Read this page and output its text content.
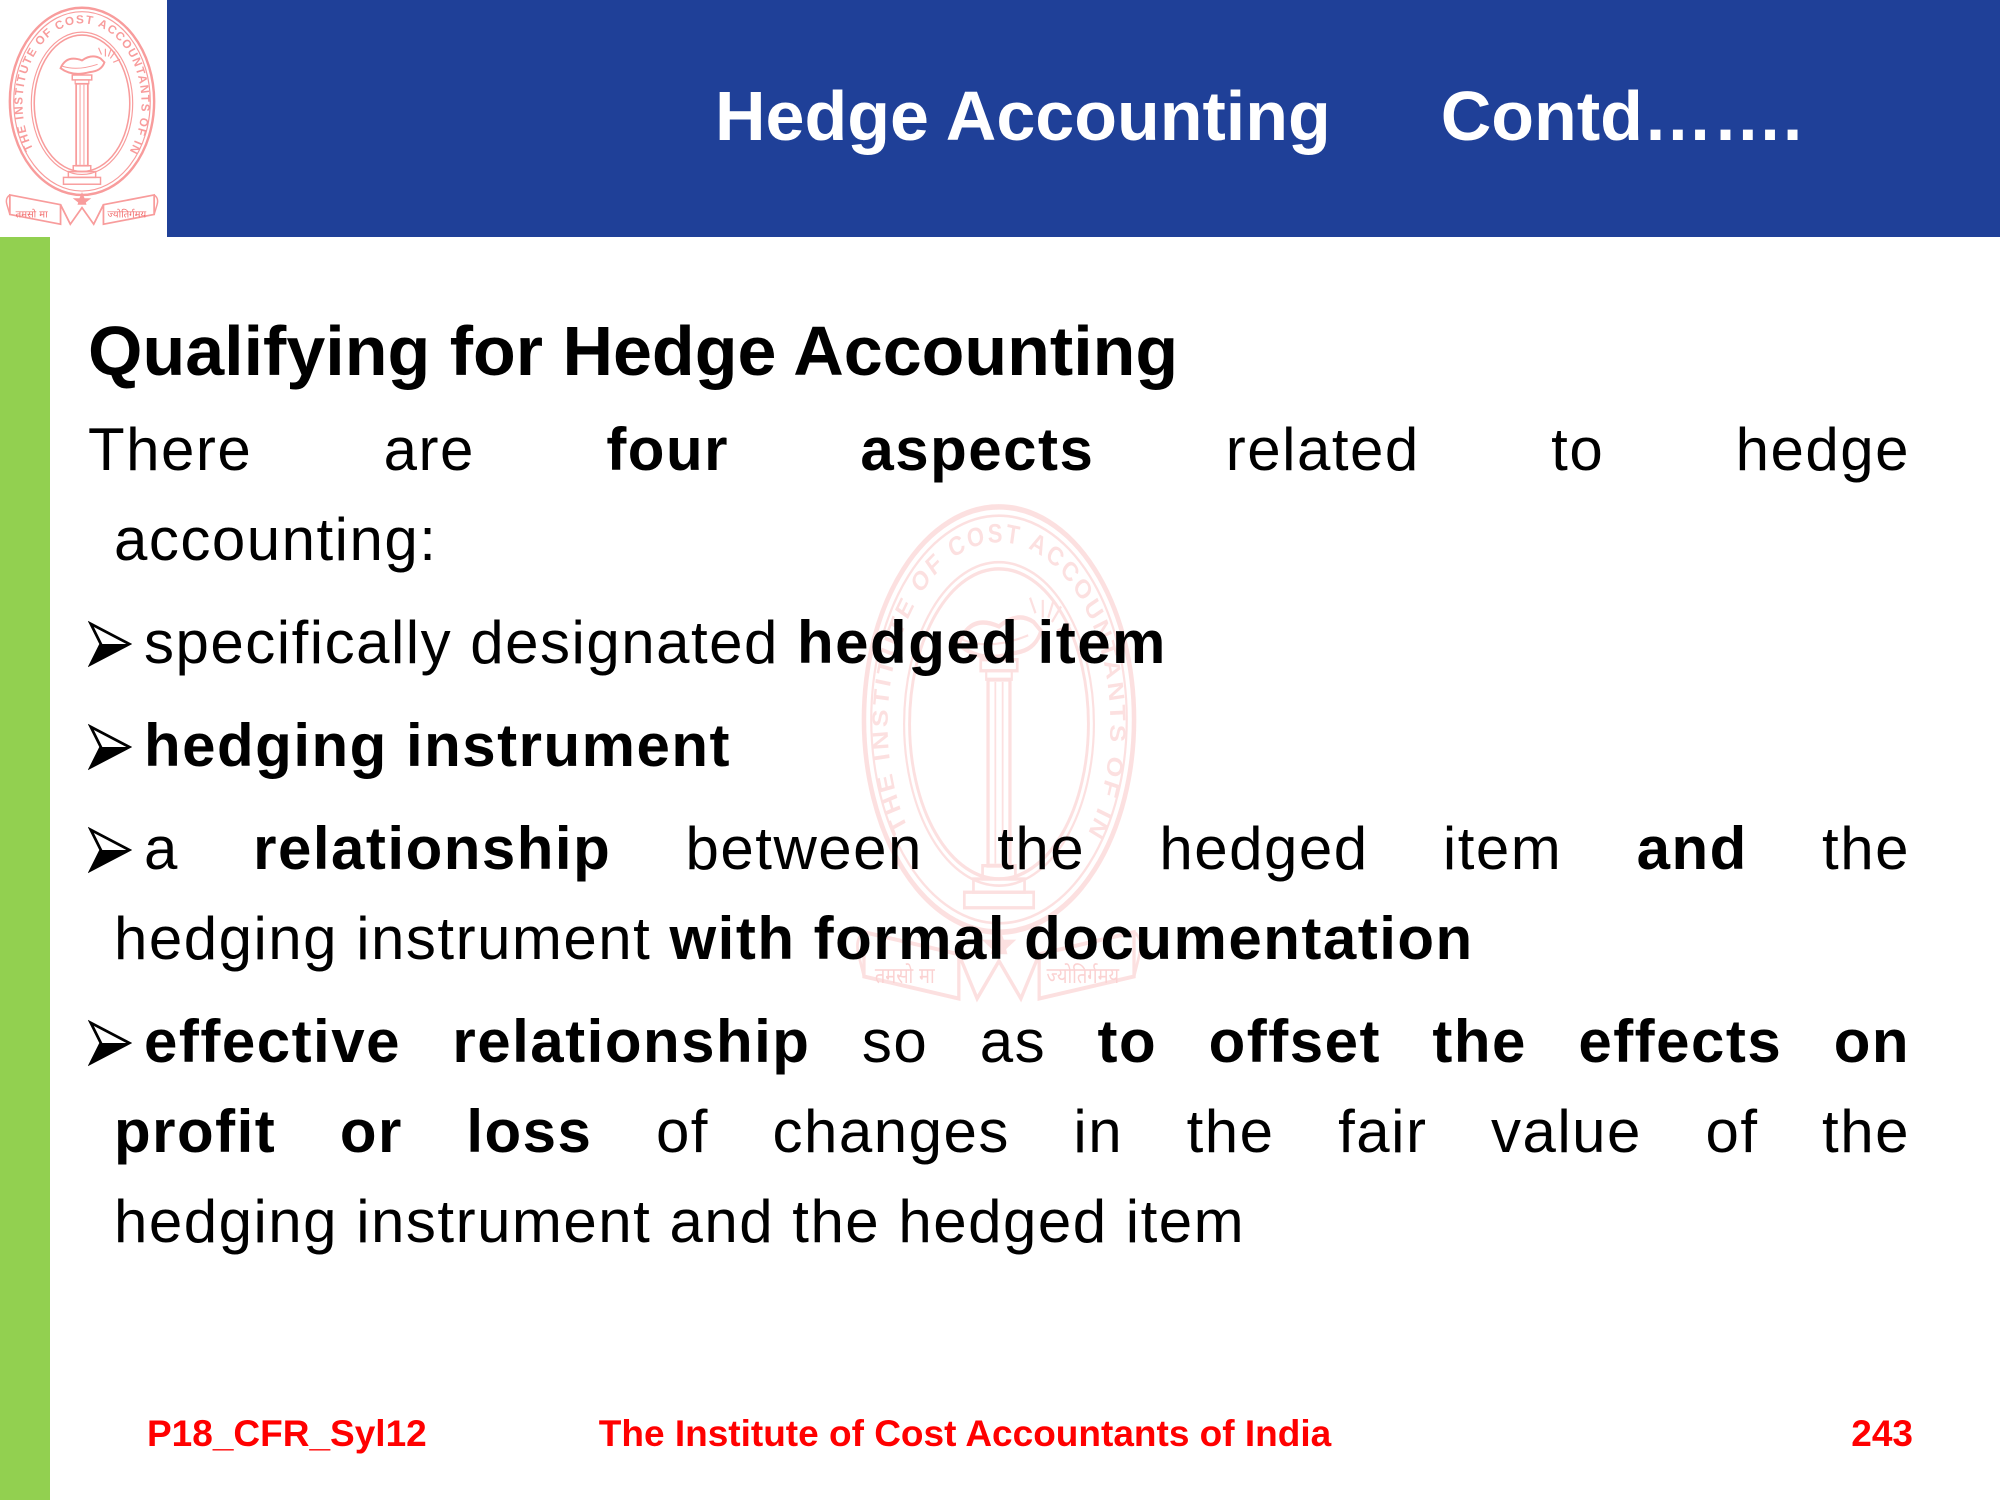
Hedge Accounting Contd…….
Qualifying for Hedge Accounting
There are four aspects related to hedge
accounting:
specifically designated hedged item
hedging instrument
a relationship between the hedged item and the
hedging instrument with formal documentation
effective relationship so as to offset the effects on
profit or loss of changes in the fair value of the
hedging instrument and the hedged item
P18_CFR_Syl12	The Institute of Cost Accountants of India	243
